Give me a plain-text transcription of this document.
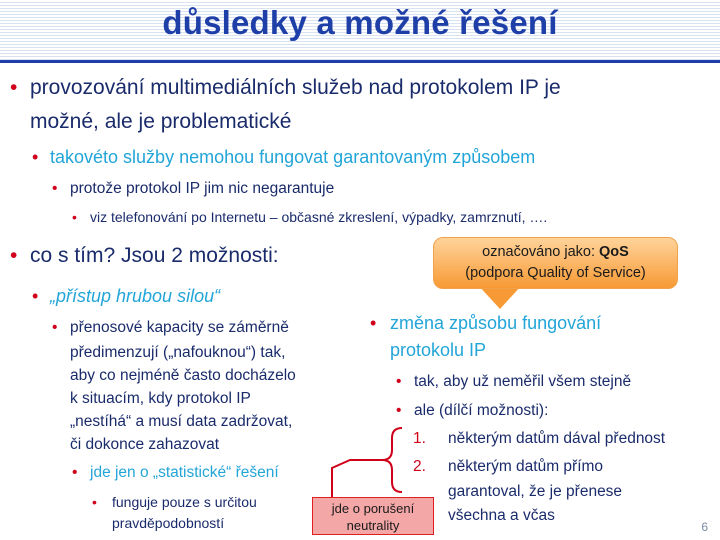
důsledky a možné řešení
• provozování multimediálních služeb nad protokolem IP je
možné, ale je problematické
• takovéto služby nemohou fungovat garantovaným způsobem
• protože protokol IP jim nic negarantuje
• viz telefonování po Internetu – občasné zkreslení, výpadky, zamrznutí, ….
• co s tím? Jsou 2 možnosti:
• „přístup hrubou silou“
• přenosové kapacity se záměrně
předimenzují („nafouknou“) tak,
aby co nejméně často docházelo
k situacím, kdy protokol IP
„nestíhá“ a musí data zadržovat,
či dokonce zahazovat
• jde jen o „statistické“ řešení
• funguje pouze s určitou
pravděpodobností
označováno jako: QoS
(podpora Quality of Service)
• změna způsobu fungování
protokolu IP
• tak, aby už neměřil všem stejně
• ale (dílčí možnosti):
1. některým datům dával přednost
2. některým datům přímo
garantoval, že je přenese
všechna a včas
jde o porušení
neutrality	6
